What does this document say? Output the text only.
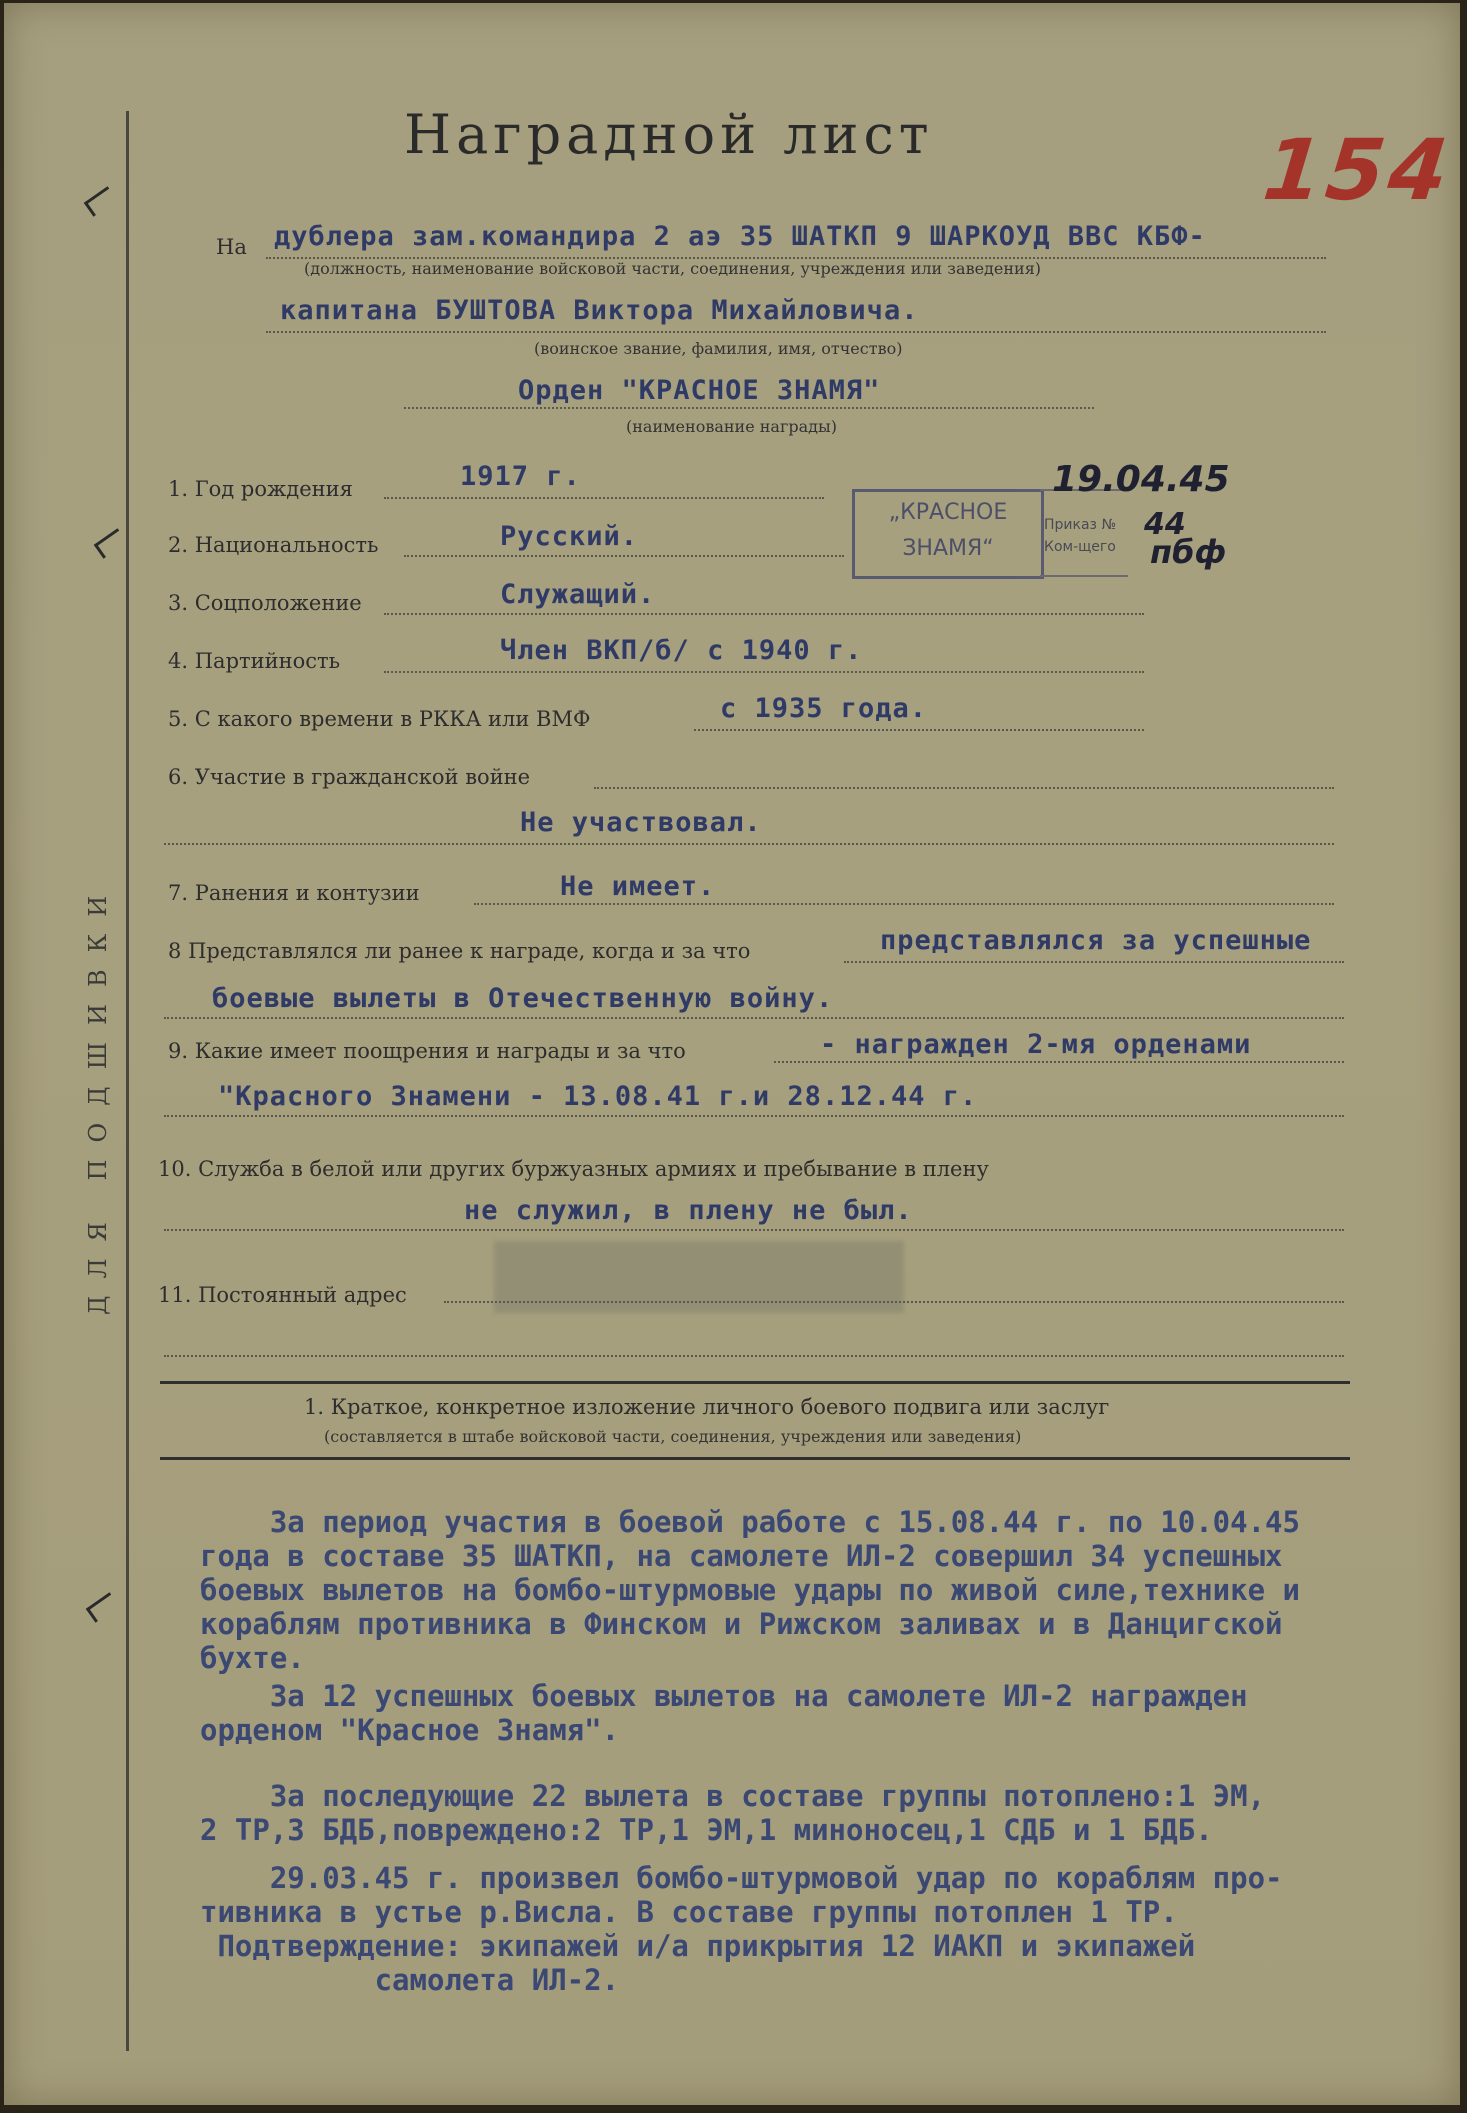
ДЛЯ ПОДШИВКИ
Наградной лист	154
На дублера зам.командира 2 аэ 35 ШАТКП 9 ШАРКОУД ВВС КБФ-
(должность, наименование войсковой части, соединения, учреждения или заведения)
капитана БУШТОВА Виктора Михайловича.
(воинское звание, фамилия, имя, отчество)
Орден "КРАСНОЕ ЗНАМЯ"
(наименование награды)
1. Год рождения	1917 г.
2. Национальность	Русский.
3. Соцположение	Служащий.
4. Партийность	Член ВКП/б/ с 1940 г.
5. С какого времени в РККА или ВМФ	с 1935 года.
6. Участие в гражданской войне
Не участвовал.
7. Ранения и контузии	Не имеет.
8 Представлялся ли ранее к награде, когда и за что	представлялся за успешные
боевые вылеты в Отечественную войну.
9. Какие имеет поощрения и награды и за что	- награжден 2-мя орденами
"Красного Знамени - 13.08.41 г.и 28.12.44 г.
10. Служба в белой или других буржуазных армиях и пребывание в плену
не служил, в плену не был.
11. Постоянный адрес
„КРАСНОЕ
ЗНАМЯ“
Приказ №
Ком-щего
19.04.45
44
пбф
1. Краткое, конкретное изложение личного боевого подвига или заслуг
(составляется в штабе войсковой части, соединения, учреждения или заведения)
За период участия в боевой работе с 15.08.44 г. по 10.04.45
года в составе 35 ШАТКП, на самолете ИЛ-2 совершил 34 успешных
боевых вылетов на бомбо-штурмовые удары по живой силе,технике и
кораблям противника в Финском и Рижском заливах и в Данцигской
бухте.
За 12 успешных боевых вылетов на самолете ИЛ-2 награжден
орденом "Красное Знамя".
За последующие 22 вылета в составе группы потоплено:1 ЭМ,
2 ТР,3 БДБ,повреждено:2 ТР,1 ЭМ,1 миноносец,1 СДБ и 1 БДБ.
29.03.45 г. произвел бомбо-штурмовой удар по кораблям про-
тивника в устье р.Висла. В составе группы потоплен 1 ТР.
Подтверждение: экипажей и/а прикрытия 12 ИАКП и экипажей
самолета ИЛ-2.
